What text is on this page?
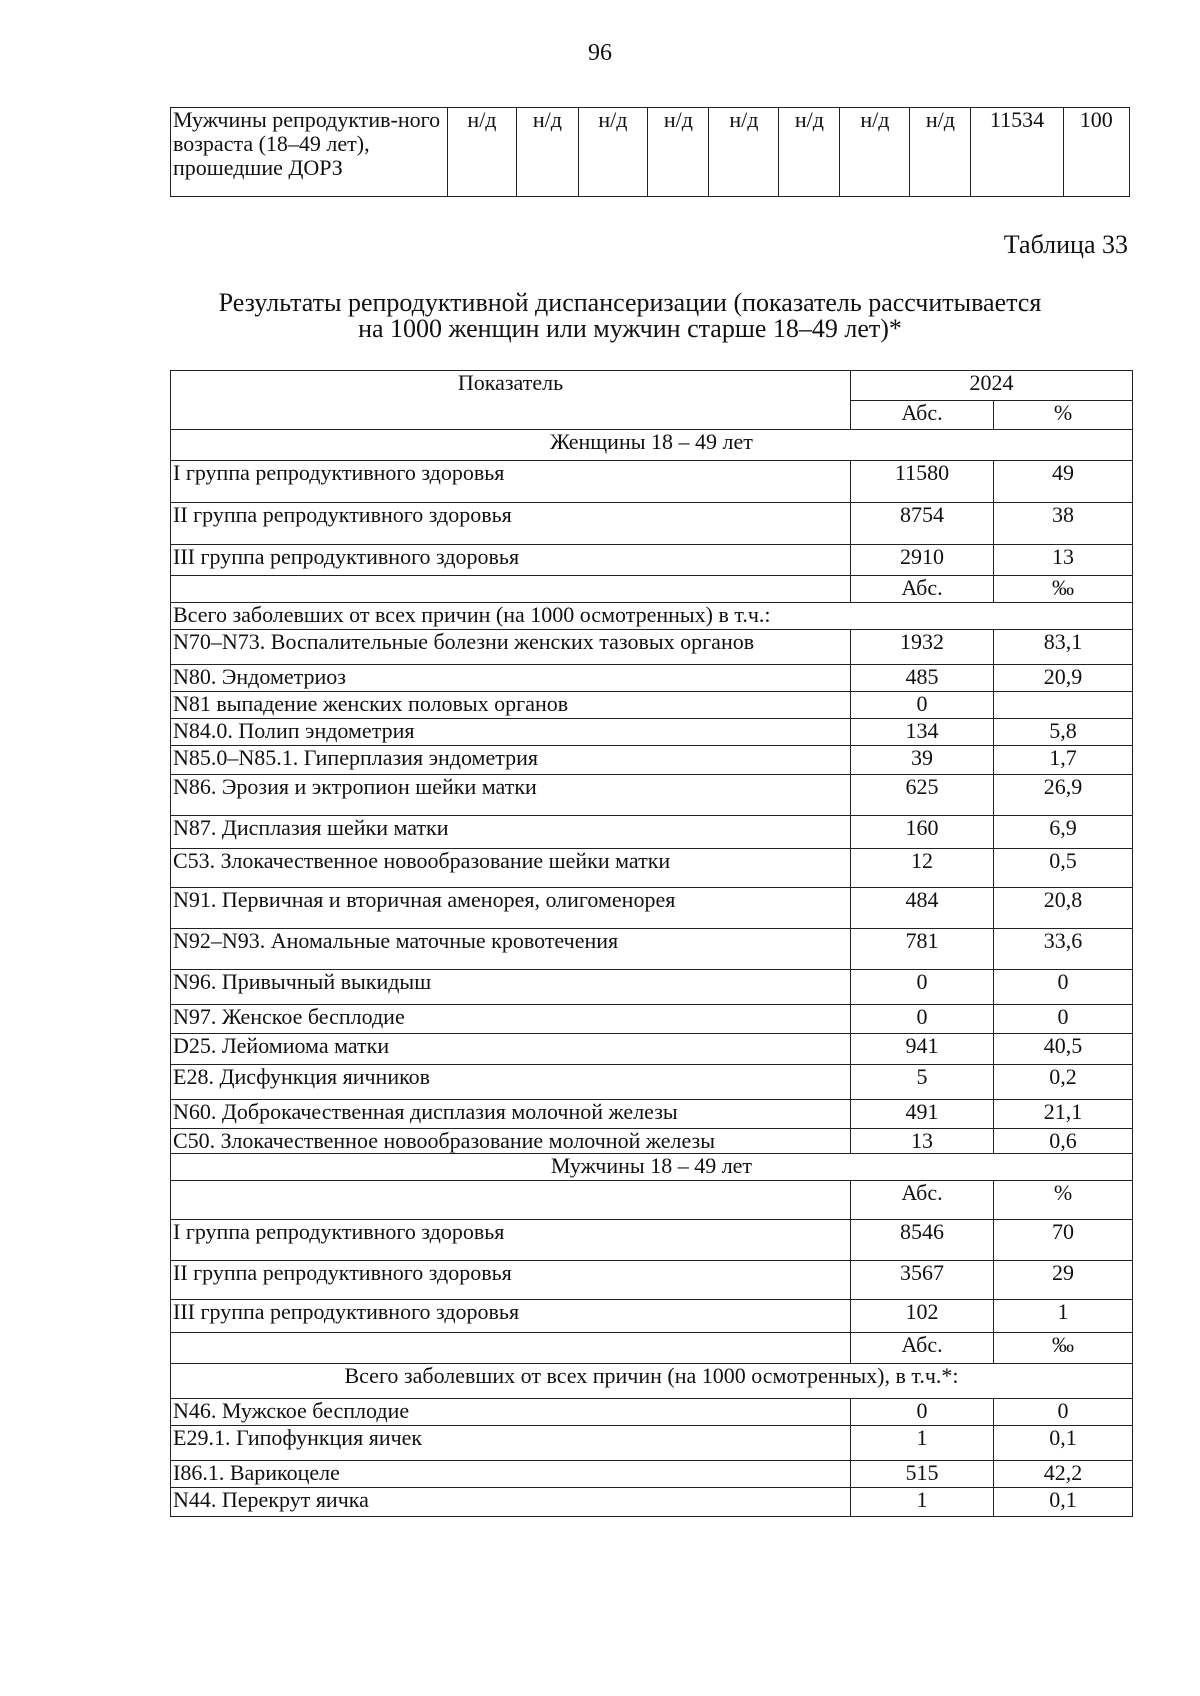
96
Мужчины репродуктив-ного возраста (18–49 лет), прошедшие ДОРЗ	н/д	н/д	н/д	н/д	н/д	н/д	н/д	н/д	11534	100
Таблица 33
Результаты репродуктивной диспансеризации (показатель рассчитывается
на 1000 женщин или мужчин старше 18–49 лет)*
Показатель	2024	
	Абс.	%
Женщины 18 – 49 лет		
I группа репродуктивного здоровья	11580	49
II группа репродуктивного здоровья	8754	38
III группа репродуктивного здоровья	2910	13
	Абс.	‰
Всего заболевших от всех причин (на 1000 осмотренных) в т.ч.:		
N70–N73. Воспалительные болезни женских тазовых органов	1932	83,1
N80. Эндометриоз	485	20,9
N81 выпадение женских половых органов	0	
N84.0. Полип эндометрия	134	5,8
N85.0–N85.1. Гиперплазия эндометрия	39	1,7
N86. Эрозия и эктропион шейки матки	625	26,9
N87. Дисплазия шейки матки	160	6,9
C53. Злокачественное новообразование шейки матки	12	0,5
N91. Первичная и вторичная аменорея, олигоменорея	484	20,8
N92–N93. Аномальные маточные кровотечения	781	33,6
N96. Привычный выкидыш	0	0
N97. Женское бесплодие	0	0
D25. Лейомиома матки	941	40,5
E28. Дисфункция яичников	5	0,2
N60. Доброкачественная дисплазия молочной железы	491	21,1
C50. Злокачественное новообразование молочной железы	13	0,6
Мужчины 18 – 49 лет		
	Абс.	%
I группа репродуктивного здоровья	8546	70
II группа репродуктивного здоровья	3567	29
III группа репродуктивного здоровья	102	1
	Абс.	‰
Всего заболевших от всех причин (на 1000 осмотренных), в т.ч.*:		
N46. Мужское бесплодие	0	0
E29.1. Гипофункция яичек	1	0,1
I86.1. Варикоцеле	515	42,2
N44. Перекрут яичка	1	0,1
